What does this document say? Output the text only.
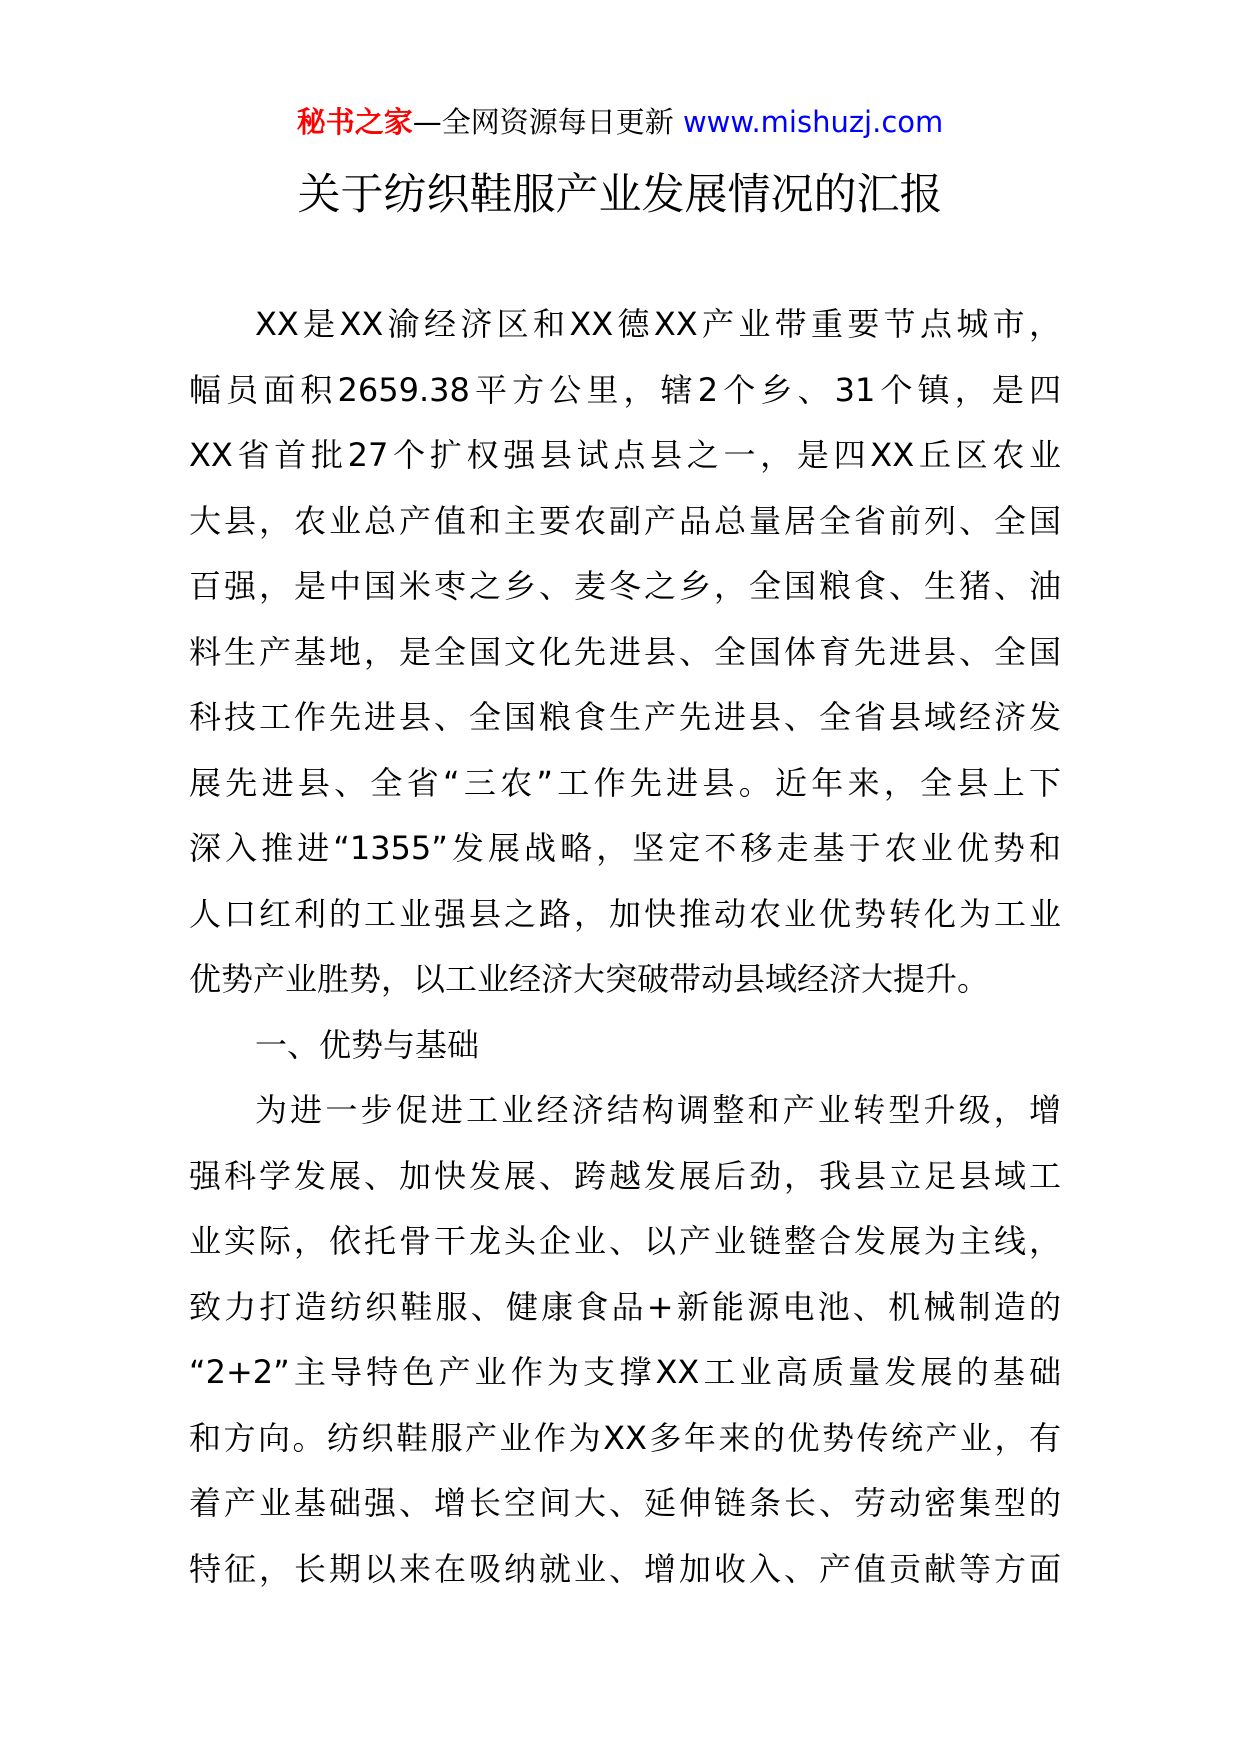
秘书之家—全网资源每日更新 www.mishuzj.com
关于纺织鞋服产业发展情况的汇报
XX是XX渝经济区和XX德XX产业带重要节点城市，
幅员面积2659.38平方公里，辖2个乡、31个镇，是四
XX省首批27个扩权强县试点县之一，是四XX丘区农业
大县，农业总产值和主要农副产品总量居全省前列、全国
百强，是中国米枣之乡、麦冬之乡，全国粮食、生猪、油
料生产基地，是全国文化先进县、全国体育先进县、全国
科技工作先进县、全国粮食生产先进县、全省县域经济发
展先进县、全省“三农”工作先进县。近年来，全县上下
深入推进“1355”发展战略，坚定不移走基于农业优势和
人口红利的工业强县之路，加快推动农业优势转化为工业
优势产业胜势，以工业经济大突破带动县域经济大提升。
一、优势与基础
为进一步促进工业经济结构调整和产业转型升级，增
强科学发展、加快发展、跨越发展后劲，我县立足县域工
业实际，依托骨干龙头企业、以产业链整合发展为主线，
致力打造纺织鞋服、健康食品+新能源电池、机械制造的
“2+2”主导特色产业作为支撑XX工业高质量发展的基础
和方向。纺织鞋服产业作为XX多年来的优势传统产业，有
着产业基础强、增长空间大、延伸链条长、劳动密集型的
特征，长期以来在吸纳就业、增加收入、产值贡献等方面
